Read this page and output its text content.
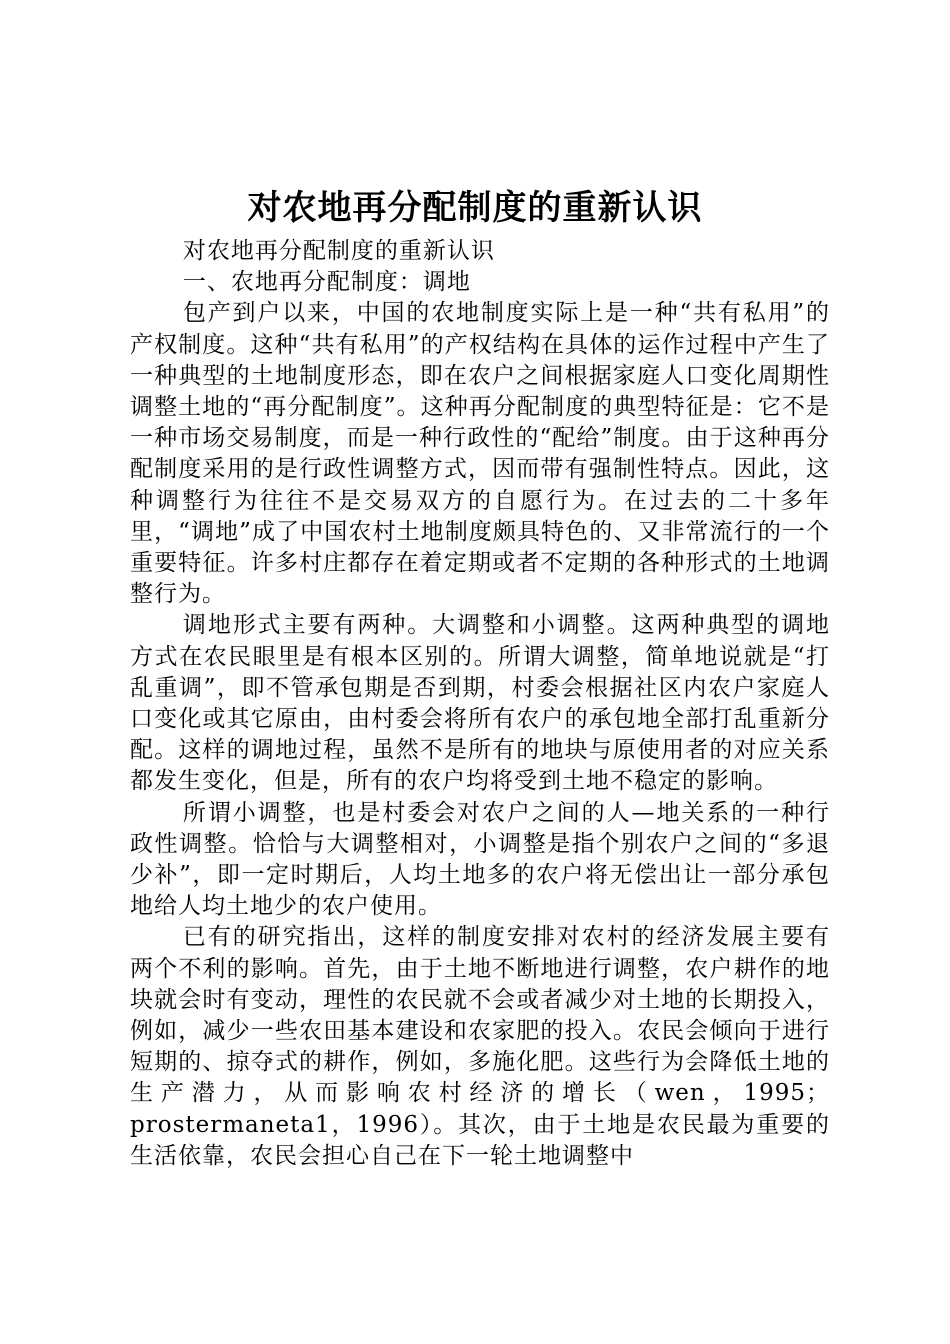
对农地再分配制度的重新认识

对农地再分配制度的重新认识

一、农地再分配制度：调地

包产到户以来，中国的农地制度实际上是一种“共有私用”的产权制度。这种“共有私用”的产权结构在具体的运作过程中产生了一种典型的土地制度形态，即在农户之间根据家庭人口变化周期性调整土地的“再分配制度”。这种再分配制度的典型特征是：它不是一种市场交易制度，而是一种行政性的“配给”制度。由于这种再分配制度采用的是行政性调整方式，因而带有强制性特点。因此，这种调整行为往往不是交易双方的自愿行为。在过去的二十多年里，“调地”成了中国农村土地制度颇具特色的、又非常流行的一个重要特征。许多村庄都存在着定期或者不定期的各种形式的土地调整行为。

调地形式主要有两种。大调整和小调整。这两种典型的调地方式在农民眼里是有根本区别的。所谓大调整，简单地说就是“打乱重调”，即不管承包期是否到期，村委会根据社区内农户家庭人口变化或其它原由，由村委会将所有农户的承包地全部打乱重新分配。这样的调地过程，虽然不是所有的地块与原使用者的对应关系都发生变化，但是，所有的农户均将受到土地不稳定的影响。

所谓小调整，也是村委会对农户之间的人—地关系的一种行政性调整。恰恰与大调整相对，小调整是指个别农户之间的“多退少补”，即一定时期后，人均土地多的农户将无偿出让一部分承包地给人均土地少的农户使用。

已有的研究指出，这样的制度安排对农村的经济发展主要有两个不利的影响。首先，由于土地不断地进行调整，农户耕作的地块就会时有变动，理性的农民就不会或者减少对土地的长期投入，例如，减少一些农田基本建设和农家肥的投入。农民会倾向于进行短期的、掠夺式的耕作，例如，多施化肥。这些行为会降低土地的生产潜力，从而影响农村经济的增长（wen，1995；prostermaneta1，1996）。其次，由于土地是农民最为重要的生活依靠，农民会担心自己在下一轮土地调整中
